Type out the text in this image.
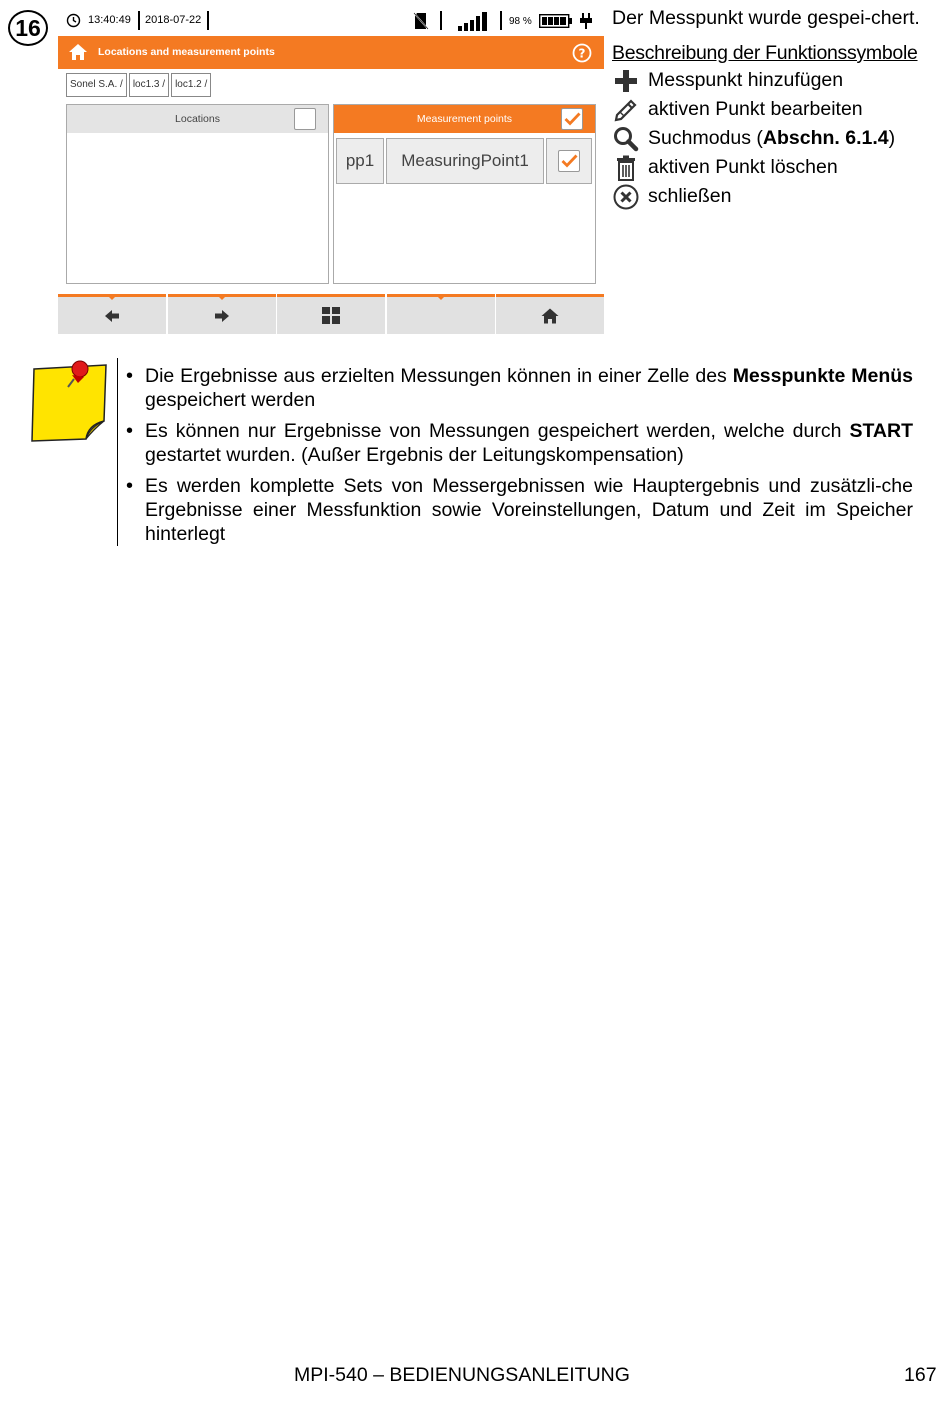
16	13:40:49 2018-07-22	98 %
Locations and measurement points	?
Sonel S.A. /	loc1.3 /	loc1.2 /
Locations	Measurement points
pp1	MeasuringPoint1
Der Messpunkt wurde gespei-chert.
Beschreibung der Funktionssymbole
Messpunkt hinzufügen
aktiven Punkt bearbeiten
Suchmodus (Abschn. 6.1.4)
aktiven Punkt löschen
schließen
• Die Ergebnisse aus erzielten Messungen können in einer Zelle des Messpunkte Menüs gespeichert werden
• Es können nur Ergebnisse von Messungen gespeichert werden, welche durch START gestartet wurden. (Außer Ergebnis der Leitungskompensation)
• Es werden komplette Sets von Messergebnissen wie Hauptergebnis und zusätzli-che Ergebnisse einer Messfunktion sowie Voreinstellungen, Datum und Zeit im Speicher hinterlegt
MPI-540 – BEDIENUNGSANLEITUNG	167
